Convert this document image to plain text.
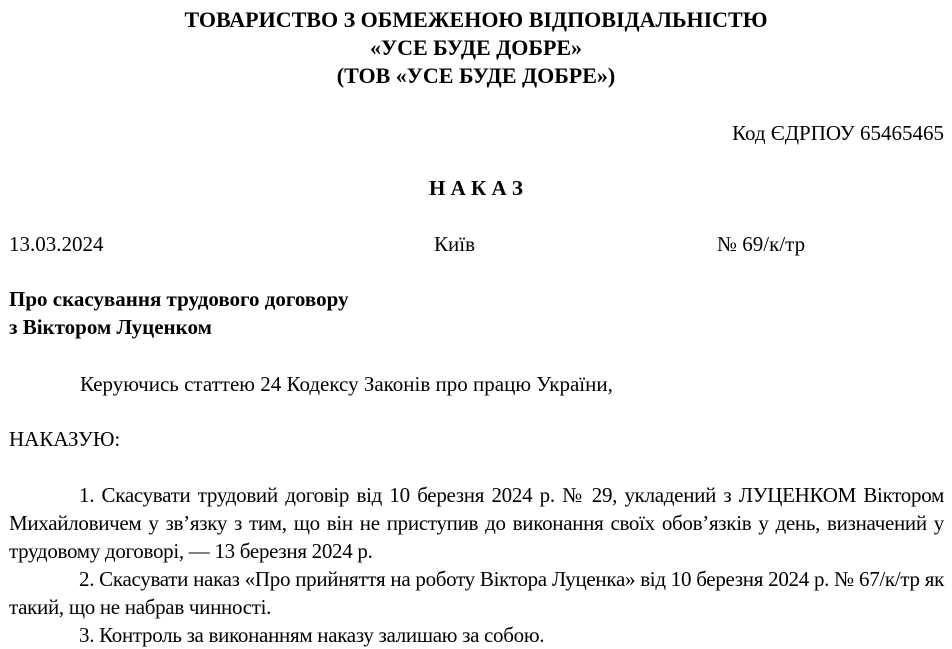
ТОВАРИСТВО З ОБМЕЖЕНОЮ ВІДПОВІДАЛЬНІСТЮ
«УСЕ БУДЕ ДОБРЕ»
(ТОВ «УСЕ БУДЕ ДОБРЕ»)
Код ЄДРПОУ 65465465
Н А К А З
13.03.2024	Київ	№ 69/к/тр
Про скасування трудового договору
з Віктором Луценком
Керуючись статтею 24 Кодексу Законів про працю України,
НАКАЗУЮ:

1. Скасувати трудовий договір від 10 березня 2024 р. № 29, укладений з ЛУЦЕНКОМ Віктором Михайловичем у зв’язку з тим, що він не приступив до виконання своїх обов’язків у день, визначений у трудовому договорі, — 13 березня 2024 р.

2. Скасувати наказ «Про прийняття на роботу Віктора Луценка» від 10 березня 2024 р. № 67/к/тр як такий, що не набрав чинності.

3. Контроль за виконанням наказу залишаю за собою.
